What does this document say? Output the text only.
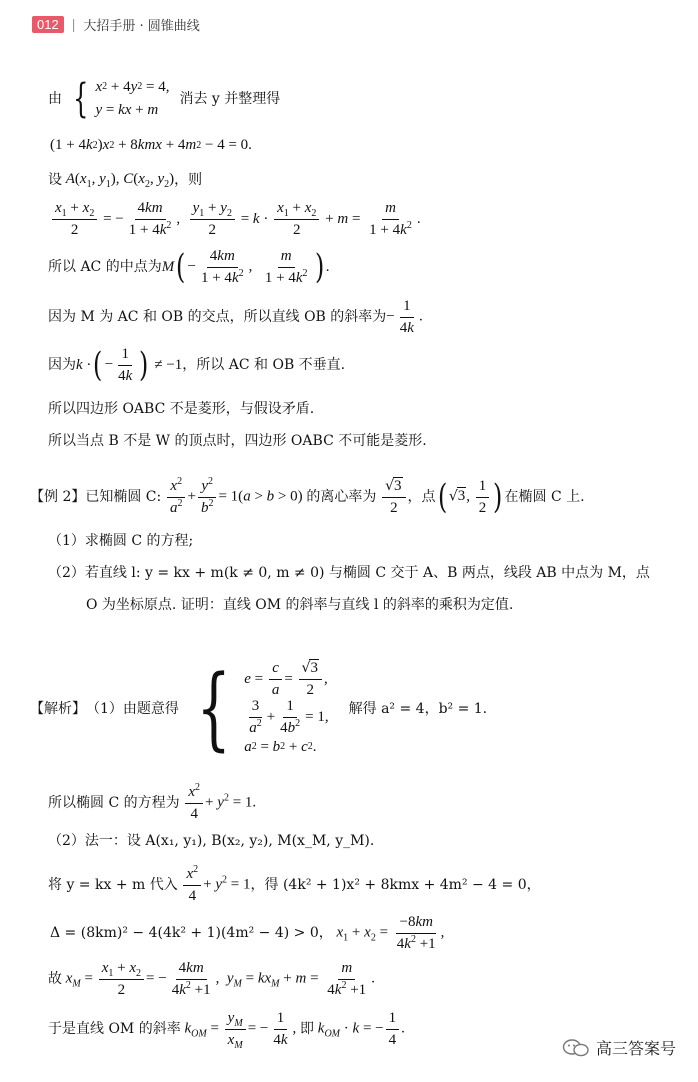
012 | 大招手册 · 圆锥曲线
由 { x 2 + 4 y 2 = 4,
y = kx + m
消去 y 并整理得
(1 + 4 k 2 ) x 2 + 8 kmx + 4 m 2 − 4 = 0.
设 $A(x_1$, $y_1$), $C(x_2$, $y_2$) ，则
$x_1 + x_2$
2
= −
4km
$1 + 4k^2$ ,
$y_1 + y_2$
2
= k ·
$x_1 + x_2$
2
+ m =
m
$1 + 4k^2$ .
所以 AC 的中点为 M ( − $\frac{4km}{1 + 4k^2}$ , $\frac{m}{1 + 4k^2}$ ) .
因为 M 为 AC 和 OB 的交点，所以直线 OB 的斜率为 − $\frac{1}{4k}$ .
因为 k · ( − $\frac{1}{4k}$ ) ≠ −1 ，所以 AC 和 OB 不垂直.
所以四边形 OABC 不是菱形，与假设矛盾.
所以当点 B 不是 W 的顶点时，四边形 OABC 不可能是菱形.
【例 2】 已知椭圆 C:
$\frac{x^2}{a^2} + \frac{y^2}{b^2} = 1(a > b > 0)$ 的离心率为
$\frac{√3}{2}$ ，点 ( √3, $\frac{1}{2}$ ) 在椭圆 C 上.
（1）求椭圆 C 的方程;
（2）若直线 l: y = kx + m(k ≠ 0, m ≠ 0) 与椭圆 C 交于 A、B 两点，线段 AB 中点为 M，点
O 为坐标原点. 证明：直线 OM 的斜率与直线 l 的斜率的乘积为定值.
【解析】 （1）由题意得 { e =
c
a
=
√3
2
,
3
$a^2$ +
1
$4b^2 = 1$,
a 2 = b 2 + c 2 .
解得 a² = 4，b² = 1.
所以椭圆 C 的方程为
$\frac{x^2}{4} + y^2 = 1$.
（2）法一：设 A(x₁, y₁), B(x₂, y₂), M(x_M, y_M).
将 y = kx + m 代入
$\frac{x^2}{4} + y^2 = 1$ ，得 (4k² + 1)x² + 8kmx + 4m² − 4 = 0，
Δ = (8km)² − 4(4k² + 1)(4m² − 4) > 0， $x_1 + x_2 = \frac{-8km}{4k^2 +1}$ ,
故 $x_M = \frac{x_1 + x_2}{2}$ = − $\frac{4km}{4k^2 +1}$ ,  $y_M = kx_M + m = \frac{m}{4k^2 +1}$ .
于是直线 OM 的斜率 $k_{OM} = \frac{y_M}{x_M}$ = − $\frac{1}{4k}$ , 即 $k_{OM} \cdot k$ = − $\frac{1}{4}$ .
高三答案号
